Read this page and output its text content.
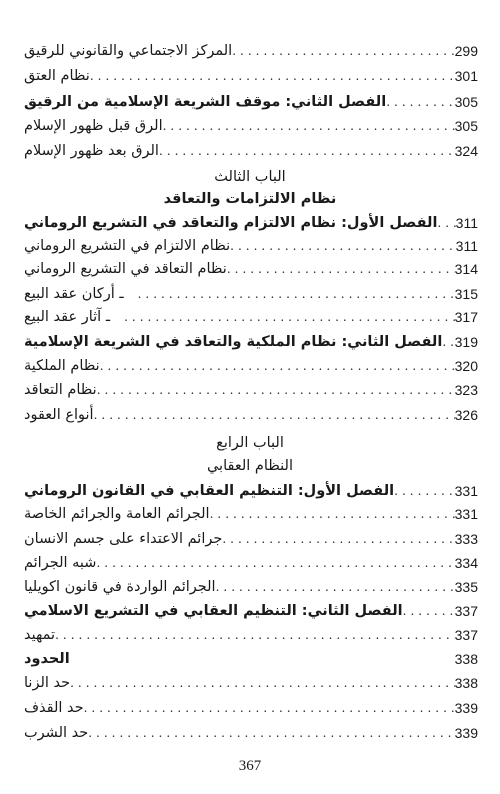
المركز الاجتماعي والقانوني للرقيق .....	299
نظام العتق .....	301
الفصل الثاني: موقف الشريعة الإسلامية من الرقيق .....	305
الرق قبل ظهور الإسلام .....	305
الرق بعد ظهور الإسلام .....	324
الباب الثالث
نظام الالتزامات والتعاقد
الفصل الأول: نظام الالتزام والتعاقد في التشريع الروماني ..... 311
نظام الالتزام في التشريع الروماني .....	311
نظام التعاقد في التشريع الروماني .....	314
ـ أركان عقد البيع .....	315
ـ آثار عقد البيع .....	317
الفصل الثاني: نظام الملكية والتعاقد في الشريعة الإسلامية ..... 319
نظام الملكية .....	320
نظام التعاقد .....	323
أنواع العقود .....	326
الباب الرابع
النظام العقابي
الفصل الأول: التنظيم العقابي في القانون الروماني .....	331
الجرائم العامة والجرائم الخاصة .....	331
جرائم الاعتداء على جسم الانسان .....	333
شبه الجرائم .....	334
الجرائم الواردة في قانون اكويليا .....	335
الفصل الثاني: التنظيم العقابي في التشريع الاسلامي .....	337
تمهيد .....	337
الحدود	338
حد الزنا .....	338
حد القذف .....	339
حد الشرب .....	339
367
